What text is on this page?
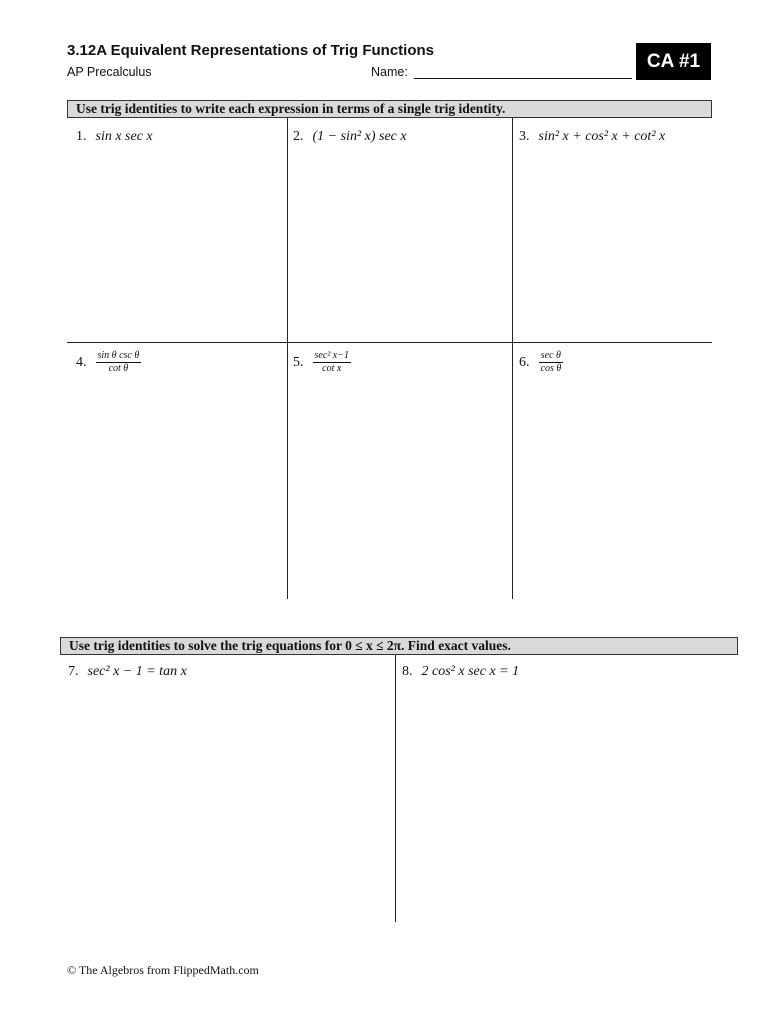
3.12A Equivalent Representations of Trig Functions
AP Precalculus	Name:
CA #1
Use trig identities to write each expression in terms of a single trig identity.
1. sin x sec x	2. (1 − sin² x) sec x	3. sin² x + cos² x + cot² x
4. $\frac{\text{sin θ csc θ}}{\text{cot θ}}$	5. $\frac{\text{sec² x−1}}{\text{cot x}}$	6. $\frac{\text{sec θ}}{\text{cos θ}}$
Use trig identities to solve the trig equations for 0 ≤ x ≤ 2π. Find exact values.
7. sec² x − 1 = tan x	8. 2 cos² x sec x = 1
© The Algebros from FlippedMath.com
